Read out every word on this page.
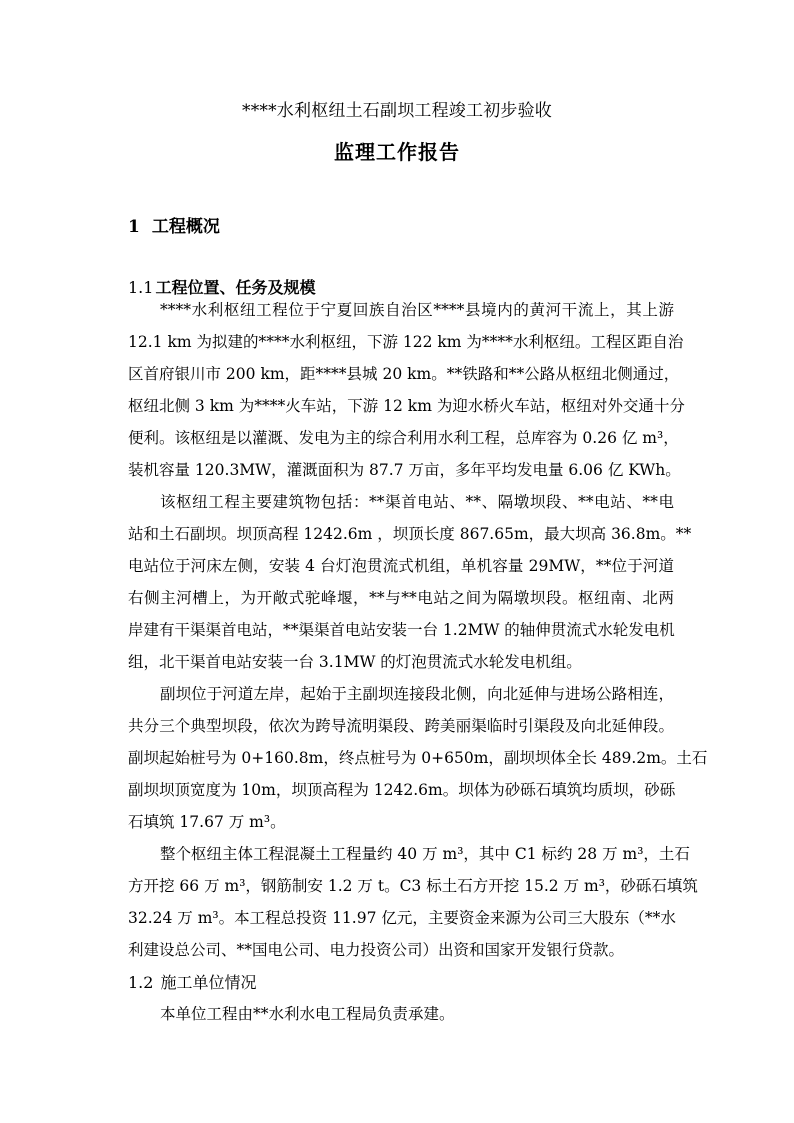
****水利枢纽土石副坝工程竣工初步验收
监理工作报告
1 工程概况
1.1 工程位置、任务及规模
****水利枢纽工程位于宁夏回族自治区****县境内的黄河干流上，其上游
12.1 km 为拟建的****水利枢纽，下游 122 km 为****水利枢纽。工程区距自治
区首府银川市 200 km，距****县城 20 km。**铁路和**公路从枢纽北侧通过，
枢纽北侧 3 km 为****火车站，下游 12 km 为迎水桥火车站，枢纽对外交通十分
便利。该枢纽是以灌溉、发电为主的综合利用水利工程，总库容为 0.26 亿 m³，
装机容量 120.3MW，灌溉面积为 87.7 万亩，多年平均发电量 6.06 亿 KWh。
该枢纽工程主要建筑物包括：**渠首电站、**、隔墩坝段、**电站、**电
站和土石副坝。坝顶高程 1242.6m ，坝顶长度 867.65m，最大坝高 36.8m。**
电站位于河床左侧，安装 4 台灯泡贯流式机组，单机容量 29MW，**位于河道
右侧主河槽上，为开敞式驼峰堰，**与**电站之间为隔墩坝段。枢纽南、北两
岸建有干渠渠首电站，**渠渠首电站安装一台 1.2MW 的轴伸贯流式水轮发电机
组，北干渠首电站安装一台 3.1MW 的灯泡贯流式水轮发电机组。
副坝位于河道左岸，起始于主副坝连接段北侧，向北延伸与进场公路相连，
共分三个典型坝段，依次为跨导流明渠段、跨美丽渠临时引渠段及向北延伸段。
副坝起始桩号为 0+160.8m，终点桩号为 0+650m，副坝坝体全长 489.2m。土石
副坝坝顶宽度为 10m，坝顶高程为 1242.6m。坝体为砂砾石填筑均质坝，砂砾
石填筑 17.67 万 m³。
整个枢纽主体工程混凝土工程量约 40 万 m³，其中 C1 标约 28 万 m³，土石
方开挖 66 万 m³，钢筋制安 1.2 万 t。C3 标土石方开挖 15.2 万 m³，砂砾石填筑
32.24 万 m³。本工程总投资 11.97 亿元，主要资金来源为公司三大股东（**水
利建设总公司、**国电公司、电力投资公司）出资和国家开发银行贷款。
1.2 施工单位情况
本单位工程由**水利水电工程局负责承建。
